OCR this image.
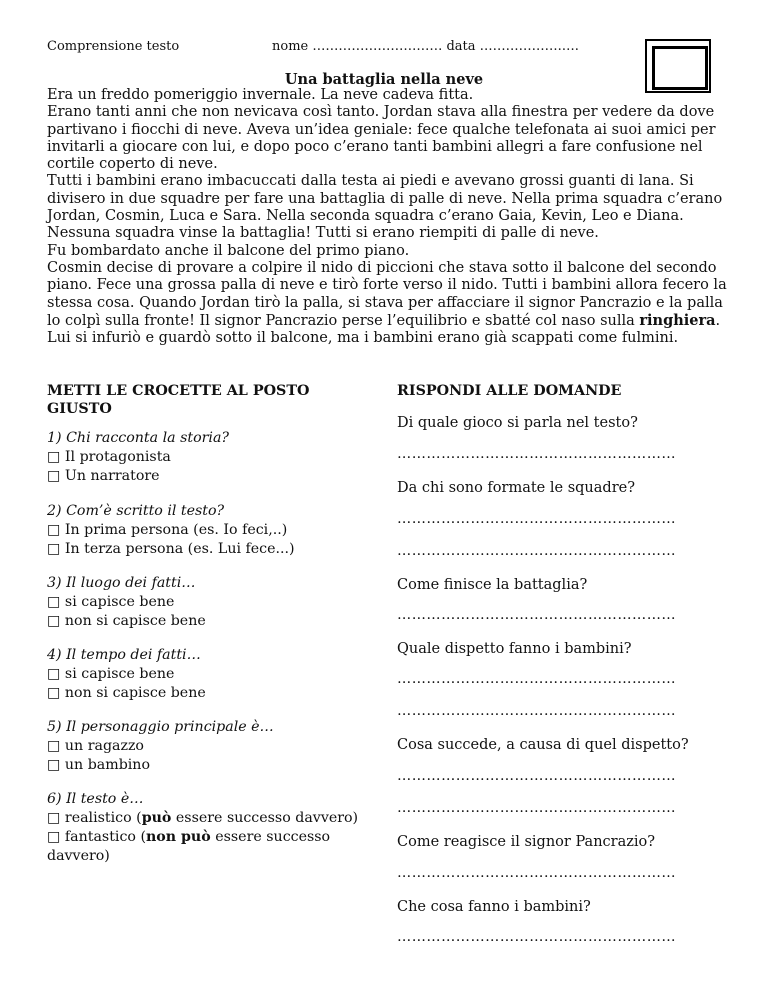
Comprensione testo	nome ………………………… data ……………….….
Una battaglia nella neve

Era un freddo pomeriggio invernale. La neve cadeva fitta.

Erano tanti anni che non nevicava così tanto. Jordan stava alla finestra per vedere da dove partivano i fiocchi di neve. Aveva un’idea geniale: fece qualche telefonata ai suoi amici per invitarli a giocare con lui, e dopo poco c’erano tanti bambini allegri a fare confusione nel cortile coperto di neve.

Tutti i bambini erano imbacuccati dalla testa ai piedi e avevano grossi guanti di lana. Si divisero in due squadre per fare una battaglia di palle di neve. Nella prima squadra c’erano Jordan, Cosmin, Luca e Sara. Nella seconda squadra c’erano Gaia, Kevin, Leo e Diana. Nessuna squadra vinse la battaglia! Tutti si erano riempiti di palle di neve.

Fu bombardato anche il balcone del primo piano.

Cosmin decise di provare a colpire il nido di piccioni che stava sotto il balcone del secondo piano. Fece una grossa palla di neve e tirò forte verso il nido. Tutti i bambini allora fecero la stessa cosa. Quando Jordan tirò la palla, si stava per affacciare il signor Pancrazio e la palla lo colpì sulla fronte! Il signor Pancrazio perse l’equilibrio e sbatté col naso sulla ringhiera. Lui si infuriò e guardò sotto il balcone, ma i bambini erano già scappati come fulmini.

METTI LE CROCETTE AL POSTO
GIUSTO
1) Chi racconta la storia?
□ Il protagonista
□ Un narratore
2) Com’è scritto il testo?
□ In prima persona (es. Io feci,..)
□ In terza persona (es. Lui fece...)
3) Il luogo dei fatti…
□ si capisce bene
□ non si capisce bene
4) Il tempo dei fatti…
□ si capisce bene
□ non si capisce bene
5) Il personaggio principale è…
□ un ragazzo
□ un bambino
6) Il testo è…
□ realistico (può essere successo davvero)
□ fantastico (non può essere successo
davvero)
RISPONDI ALLE DOMANDE
Di quale gioco si parla nel testo?
…………………………………………………
Da chi sono formate le squadre?
…………………………………………………
…………………………………………………
Come finisce la battaglia?
…………………………………………………
Quale dispetto fanno i bambini?
…………………………………………………
…………………………………………………
Cosa succede, a causa di quel dispetto?
…………………………………………………
…………………………………………………
Come reagisce il signor Pancrazio?
…………………………………………………
Che cosa fanno i bambini?
…………………………………………………
